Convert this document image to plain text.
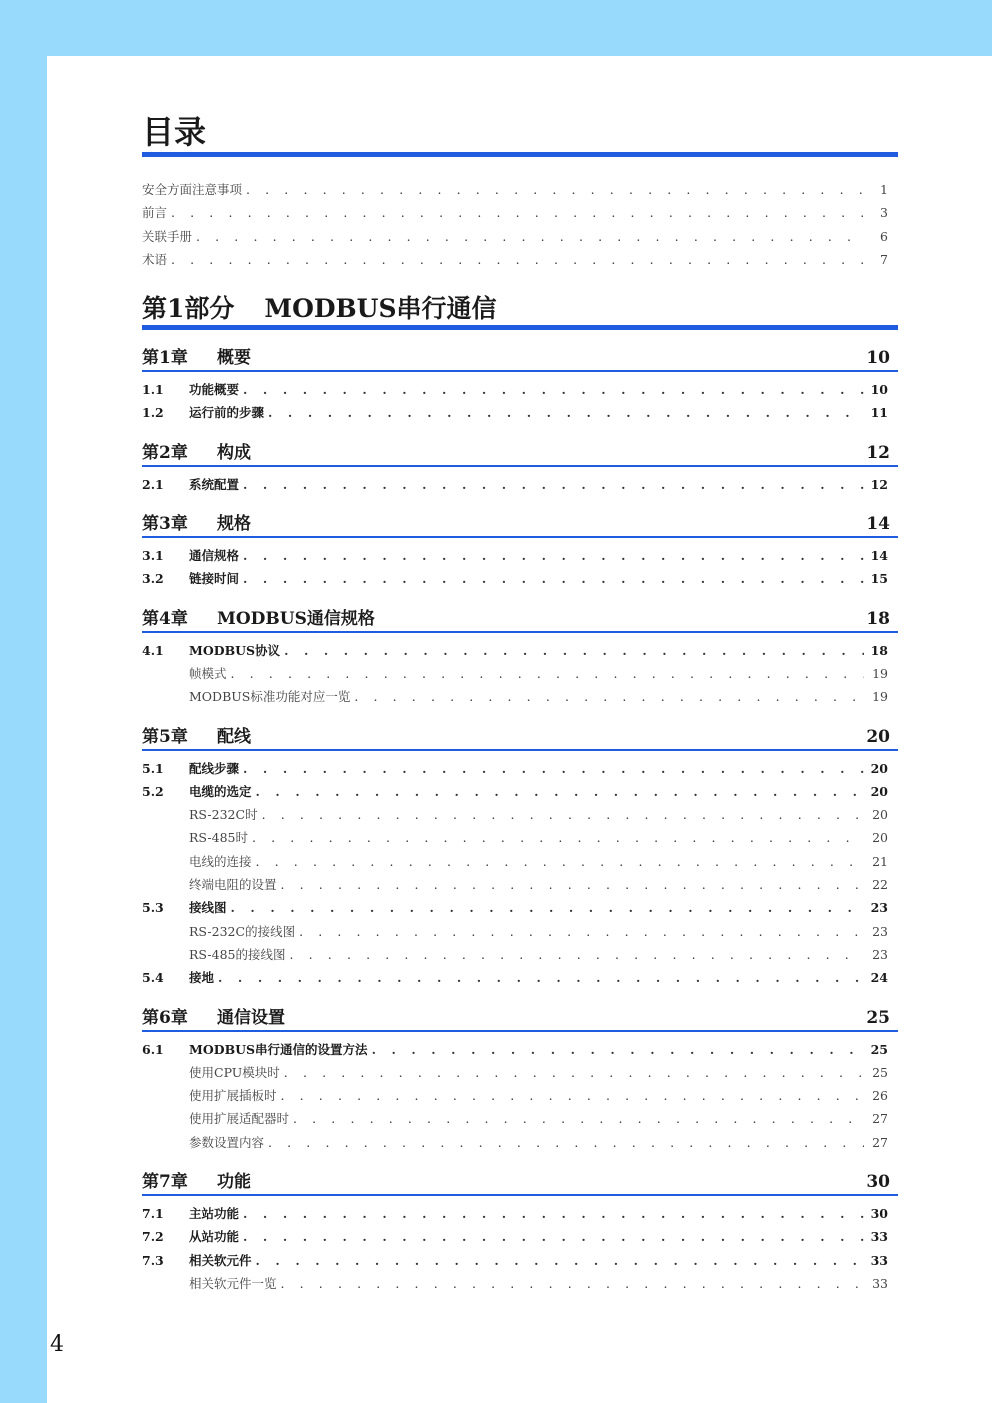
4
目录
安全方面注意事项 . . .	1
前言 . . .	3
关联手册 . . .	6
术语 . . .	7
第1部分 MODBUS串行通信
第1章 概要	10
1.1	功能概要 . . .	10
1.2	运行前的步骤 . . .	11
第2章 构成	12
2.1	系统配置 . . .	12
第3章 规格	14
3.1	通信规格 . . .	14
3.2	链接时间 . . .	15
第4章 MODBUS通信规格	18
4.1	MODBUS协议 . . .	18
帧模式 . . .	19
MODBUS标准功能对应一览 . . .	19
第5章 配线	20
5.1	配线步骤 . . .	20
5.2	电缆的选定 . . .	20
RS-232C时 . . .	20
RS-485时 . . .	20
电线的连接 . . .	21
终端电阻的设置 . . .	22
5.3	接线图 . . .	23
RS-232C的接线图 . . .	23
RS-485的接线图 . . .	23
5.4	接地 . . .	24
第6章 通信设置	25
6.1	MODBUS串行通信的设置方法 . . .	25
使用CPU模块时 . . .	25
使用扩展插板时 . . .	26
使用扩展适配器时 . . .	27
参数设置内容 . . .	27
第7章 功能	30
7.1	主站功能 . . .	30
7.2	从站功能 . . .	33
7.3	相关软元件 . . .	33
相关软元件一览 . . .	33
